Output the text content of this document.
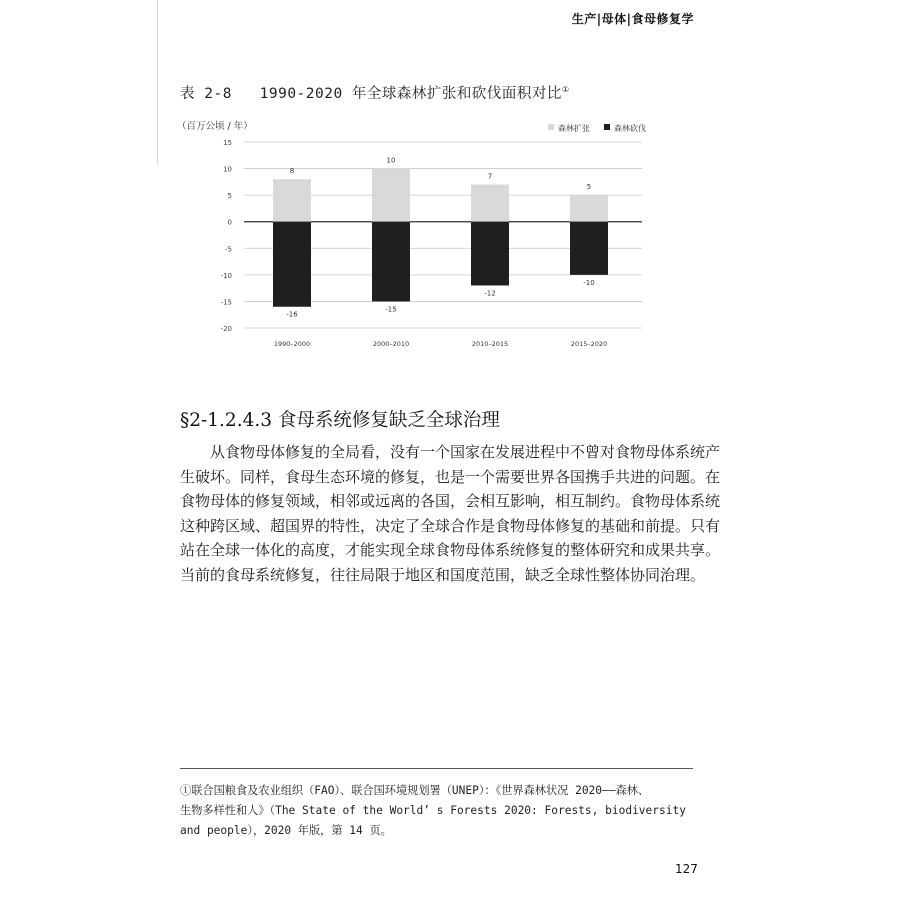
生产|母体|食母修复学
表 2-8 1990-2020 年全球森林扩张和砍伐面积对比①
（百万公顷 / 年）	森林扩张	森林砍伐
15
10
5
0
-5
-10
-15
-20
8
-16
10
-15
7
-12
5
-10
1990–2000	2000–2010	2010–2015	2015–2020
§2-1.2.4.3 食母系统修复缺乏全球治理
从食物母体修复的全局看，没有一个国家在发展进程中不曾对食物母体系统产
生破坏。同样，食母生态环境的修复，也是一个需要世界各国携手共进的问题。在
食物母体的修复领域，相邻或远离的各国，会相互影响，相互制约。食物母体系统
这种跨区域、超国界的特性，决定了全球合作是食物母体修复的基础和前提。只有
站在全球一体化的高度，才能实现全球食物母体系统修复的整体研究和成果共享。
当前的食母系统修复，往往局限于地区和国度范围，缺乏全球性整体协同治理。
①联合国粮食及农业组织（FAO）、联合国环境规划署（UNEP）：《世界森林状况 2020——森林、
生物多样性和人》（The State of the World’ s Forests 2020: Forests, biodiversity
and people），2020 年版，第 14 页。
127
